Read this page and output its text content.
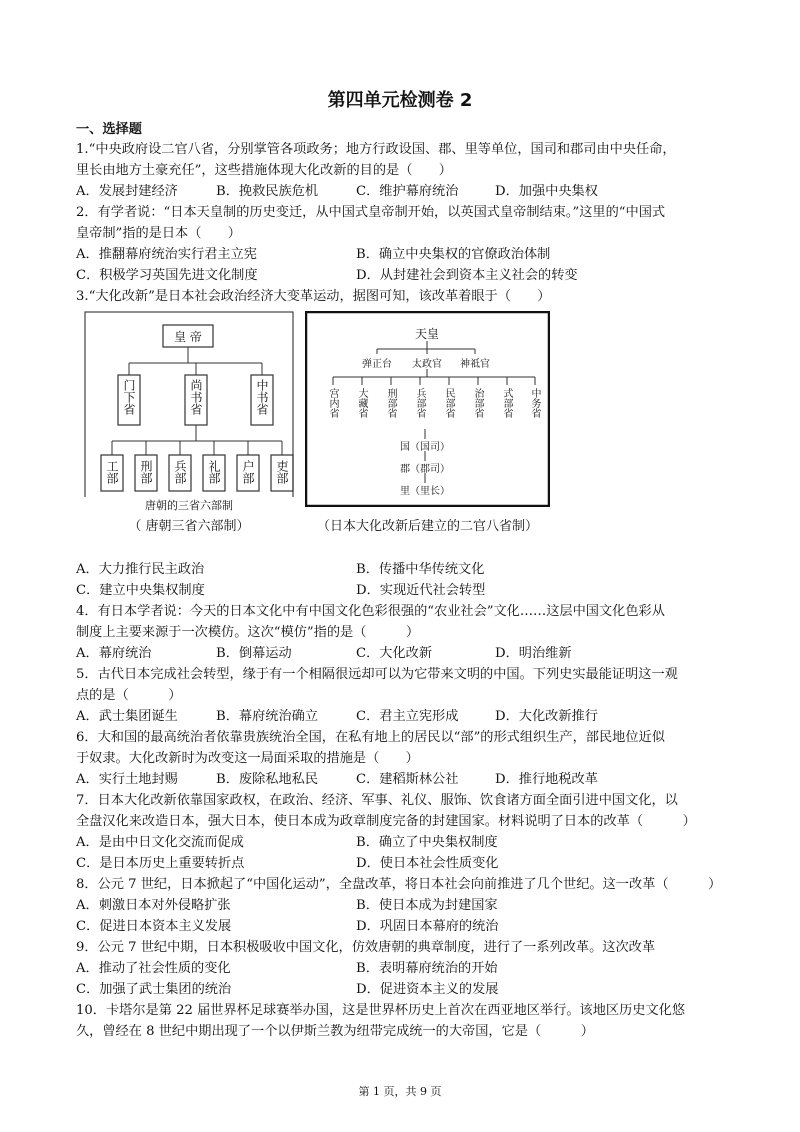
第四单元检测卷 2
一、选择题
1.“中央政府设二官八省，分别掌管各项政务；地方行政设国、郡、里等单位，国司和郡司由中央任命，
里长由地方土豪充任”，这些措施体现大化改新的目的是（　　）
A．发展封建经济	B．挽救民族危机	C．维护幕府统治	D．加强中央集权
2．有学者说：“日本天皇制的历史变迁，从中国式皇帝制开始，以英国式皇帝制结束。”这里的“中国式
皇帝制”指的是日本（　　）
A．推翻幕府统治实行君主立宪	B．确立中央集权的官僚政治体制
C．积极学习英国先进文化制度	D．从封建社会到资本主义社会的转变
3.“大化改新”是日本社会政治经济大变革运动，据图可知，该改革着眼于（　　）
皇 帝
门下省	尚书省	中书省
工部 刑部 兵部 礼部 户部 吏部
唐朝的三省六部制
（ 唐朝三省六部制）
天皇
弹正台	太政官	神祗官
宫内省 大藏省 刑部省 兵部省 民部省 治部省 式部省 中务省
国（国司）
郡（郡司）
里（里长）
（日本大化改新后建立的二官八省制）
A．大力推行民主政治	B．传播中华传统文化
C．建立中央集权制度	D．实现近代社会转型
4．有日本学者说：今天的日本文化中有中国文化色彩很强的“农业社会”文化……这层中国文化色彩从
制度上主要来源于一次模仿。这次“模仿”指的是（　　　）
A．幕府统治	B．倒幕运动	C．大化改新	D．明治维新
5．古代日本完成社会转型，缘于有一个相隔很远却可以为它带来文明的中国。下列史实最能证明这一观
点的是（　　　）
A．武士集团诞生	B．幕府统治确立	C．君主立宪形成	D．大化改新推行
6．大和国的最高统治者依靠贵族统治全国，在私有地上的居民以“部”的形式组织生产，部民地位近似
于奴隶。大化改新时为改变这一局面采取的措施是（　　）
A．实行土地封赐	B．废除私地私民	C．建稻斯林公社	D．推行地税改革
7．日本大化改新依靠国家政权，在政治、经济、军事、礼仪、服饰、饮食诸方面全面引进中国文化，以
全盘汉化来改造日本，强大日本，使日本成为政章制度完备的封建国家。材料说明了日本的改革（　　　）
A．是由中日文化交流而促成	B．确立了中央集权制度
C．是日本历史上重要转折点	D．使日本社会性质变化
8．公元 7 世纪，日本掀起了“中国化运动”，全盘改革，将日本社会向前推进了几个世纪。这一改革（　　　）
A．刺激日本对外侵略扩张	B．使日本成为封建国家
C．促进日本资本主义发展	D．巩固日本幕府的统治
9．公元 7 世纪中期，日本积极吸收中国文化，仿效唐朝的典章制度，进行了一系列改革。这次改革
A．推动了社会性质的变化	B．表明幕府统治的开始
C．加强了武士集团的统治	D．促进资本主义的发展
10．卡塔尔是第 22 届世界杯足球赛举办国，这是世界杯历史上首次在西亚地区举行。该地区历史文化悠
久，曾经在 8 世纪中期出现了一个以伊斯兰教为纽带完成统一的大帝国，它是（　　　）
第 1 页，共 9 页
